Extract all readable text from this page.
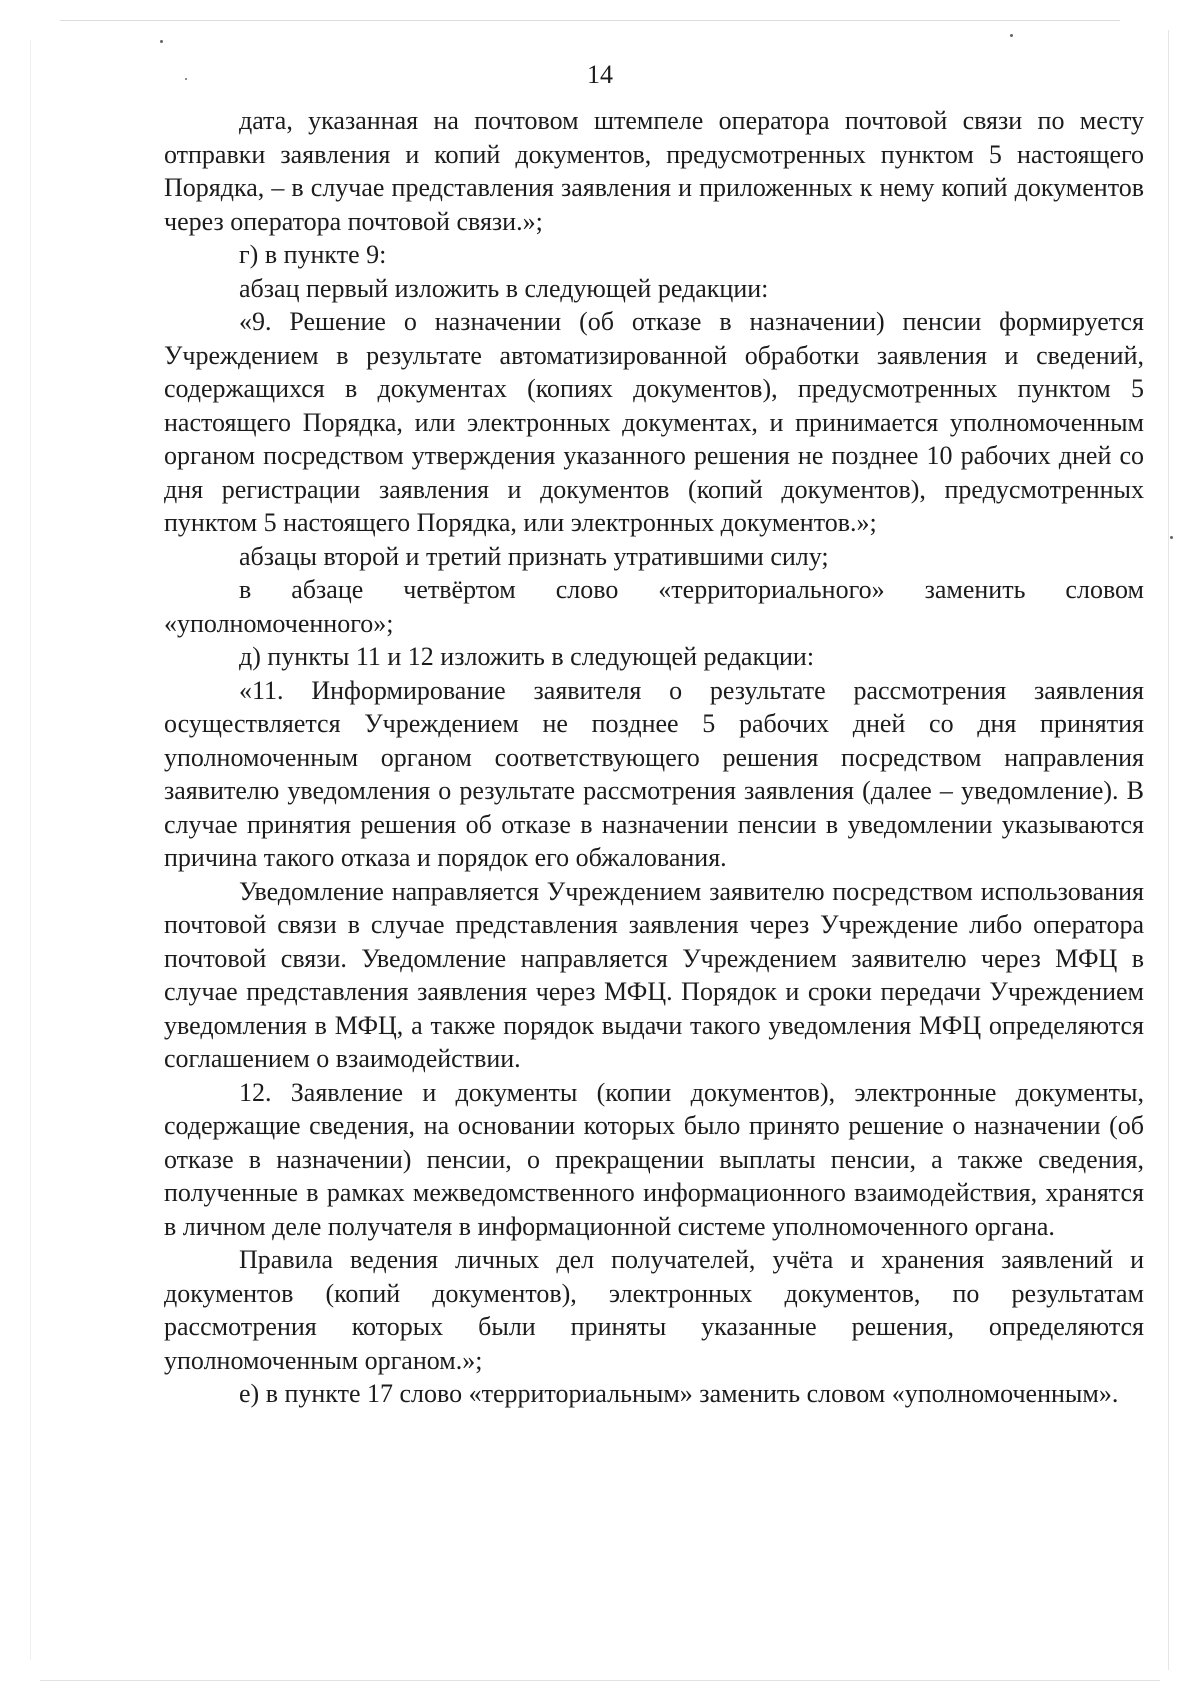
14

дата, указанная на почтовом штемпеле оператора почтовой связи по месту отправки заявления и копий документов, предусмотренных пунктом 5 настоящего Порядка, – в случае представления заявления и приложенных к нему копий документов через оператора почтовой связи.»;

г) в пункте 9:

абзац первый изложить в следующей редакции:

«9. Решение о назначении (об отказе в назначении) пенсии формируется Учреждением в результате автоматизированной обработки заявления и сведений, содержащихся в документах (копиях документов), предусмотренных пунктом 5 настоящего Порядка, или электронных документах, и принимается уполномоченным органом посредством утверждения указанного решения не позднее 10 рабочих дней со дня регистрации заявления и документов (копий документов), предусмотренных пунктом 5 настоящего Порядка, или электронных документов.»;

абзацы второй и третий признать утратившими силу;

в абзаце четвёртом слово «территориального» заменить словом «уполномоченного»;

д) пункты 11 и 12 изложить в следующей редакции:

«11. Информирование заявителя о результате рассмотрения заявления осуществляется Учреждением не позднее 5 рабочих дней со дня принятия уполномоченным органом соответствующего решения посредством направления заявителю уведомления о результате рассмотрения заявления (далее – уведомление). В случае принятия решения об отказе в назначении пенсии в уведомлении указываются причина такого отказа и порядок его обжалования.

Уведомление направляется Учреждением заявителю посредством использования почтовой связи в случае представления заявления через Учреждение либо оператора почтовой связи. Уведомление направляется Учреждением заявителю через МФЦ в случае представления заявления через МФЦ. Порядок и сроки передачи Учреждением уведомления в МФЦ, а также порядок выдачи такого уведомления МФЦ определяются соглашением о взаимодействии.

12. Заявление и документы (копии документов), электронные документы, содержащие сведения, на основании которых было принято решение о назначении (об отказе в назначении) пенсии, о прекращении выплаты пенсии, а также сведения, полученные в рамках межведомственного информационного взаимодействия, хранятся в личном деле получателя в информационной системе уполномоченного органа.

Правила ведения личных дел получателей, учёта и хранения заявлений и документов (копий документов), электронных документов, по результатам рассмотрения которых были приняты указанные решения, определяются уполномоченным органом.»;

е) в пункте 17 слово «территориальным» заменить словом «уполномоченным».
